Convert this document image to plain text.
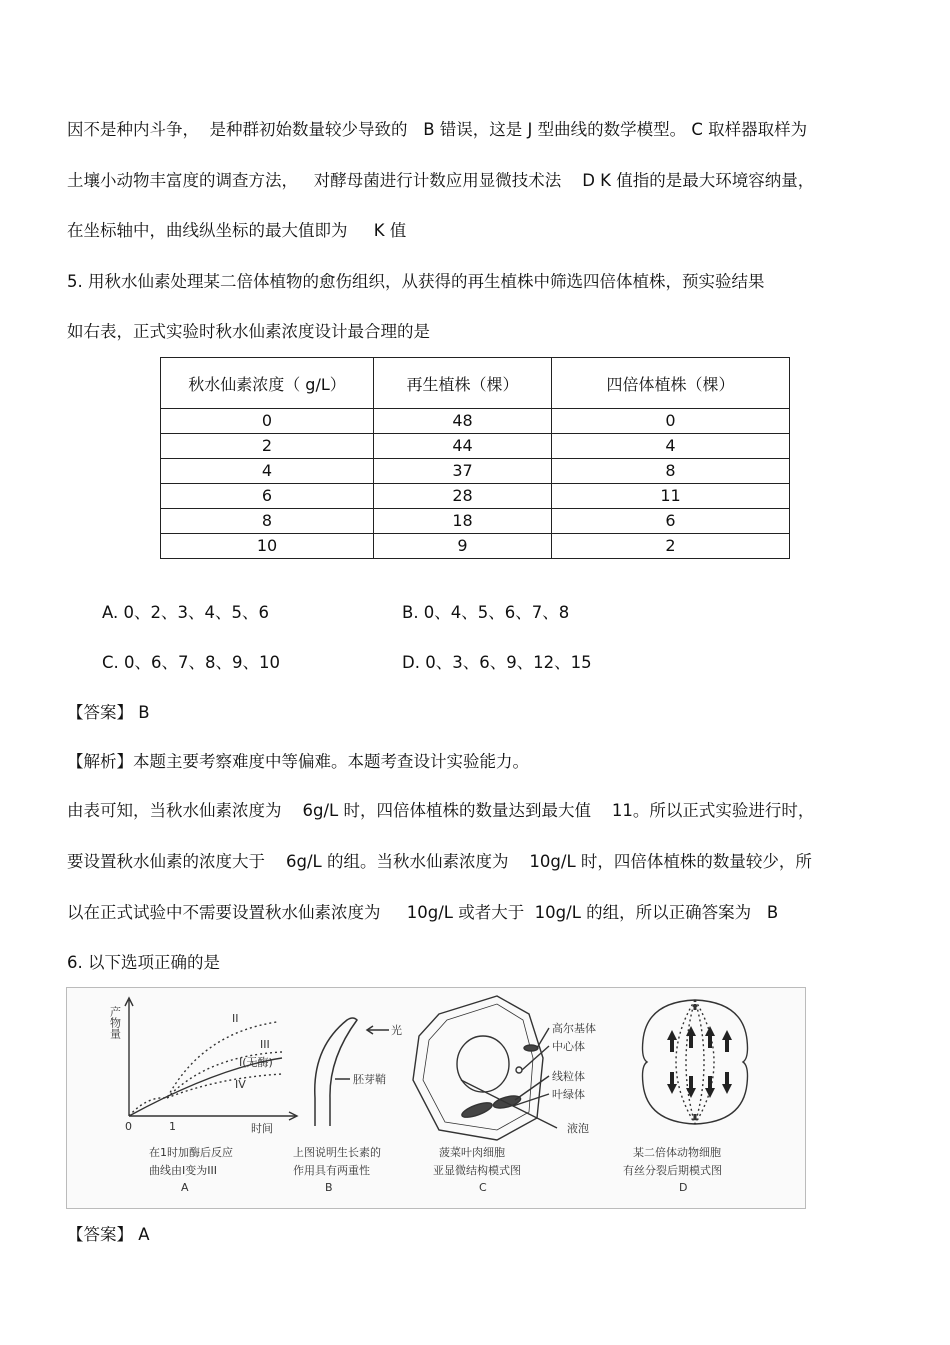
因不是种内斗争，  是种群初始数量较少导致的   B 错误，这是 J 型曲线的数学模型。 C 取样器取样为
土壤小动物丰富度的调查方法，   对酵母菌进行计数应用显微技术法    D K 值指的是最大环境容纳量，
在坐标轴中，曲线纵坐标的最大值即为     K 值
5. 用秋水仙素处理某二倍体植物的愈伤组织，从获得的再生植株中筛选四倍体植株，预实验结果
如右表，正式实验时秋水仙素浓度设计最合理的是
秋水仙素浓度（ g/L）	再生植株（棵）	四倍体植株（棵）
0	48	0
2	44	4
4	37	8
6	28	11
8	18	6
10	9	2
A. 0、2、3、4、5、6	B. 0、4、5、6、7、8
C. 0、6、7、8、9、10	D. 0、3、6、9、12、15
【答案】 B
【解析】本题主要考察难度中等偏难。本题考查设计实验能力。
由表可知，当秋水仙素浓度为    6g/L 时，四倍体植株的数量达到最大值    11。所以正式实验进行时，
要设置秋水仙素的浓度大于    6g/L 的组。当秋水仙素浓度为    10g/L 时，四倍体植株的数量较少，所
以在正式试验中不需要设置秋水仙素浓度为     10g/L 或者大于  10g/L 的组，所以正确答案为   B
6. 以下选项正确的是
产物量	II
III
I(无酶)
IV
0	1	时间
在1时加酶后反应
曲线由I变为III
A
光
胚芽鞘
上图说明生长素的
作用具有两重性
B
高尔基体
中心体
线粒体
叶绿体
液泡
菠菜叶肉细胞
亚显微结构模式图
C
某二倍体动物细胞
有丝分裂后期模式图
D
【答案】 A
